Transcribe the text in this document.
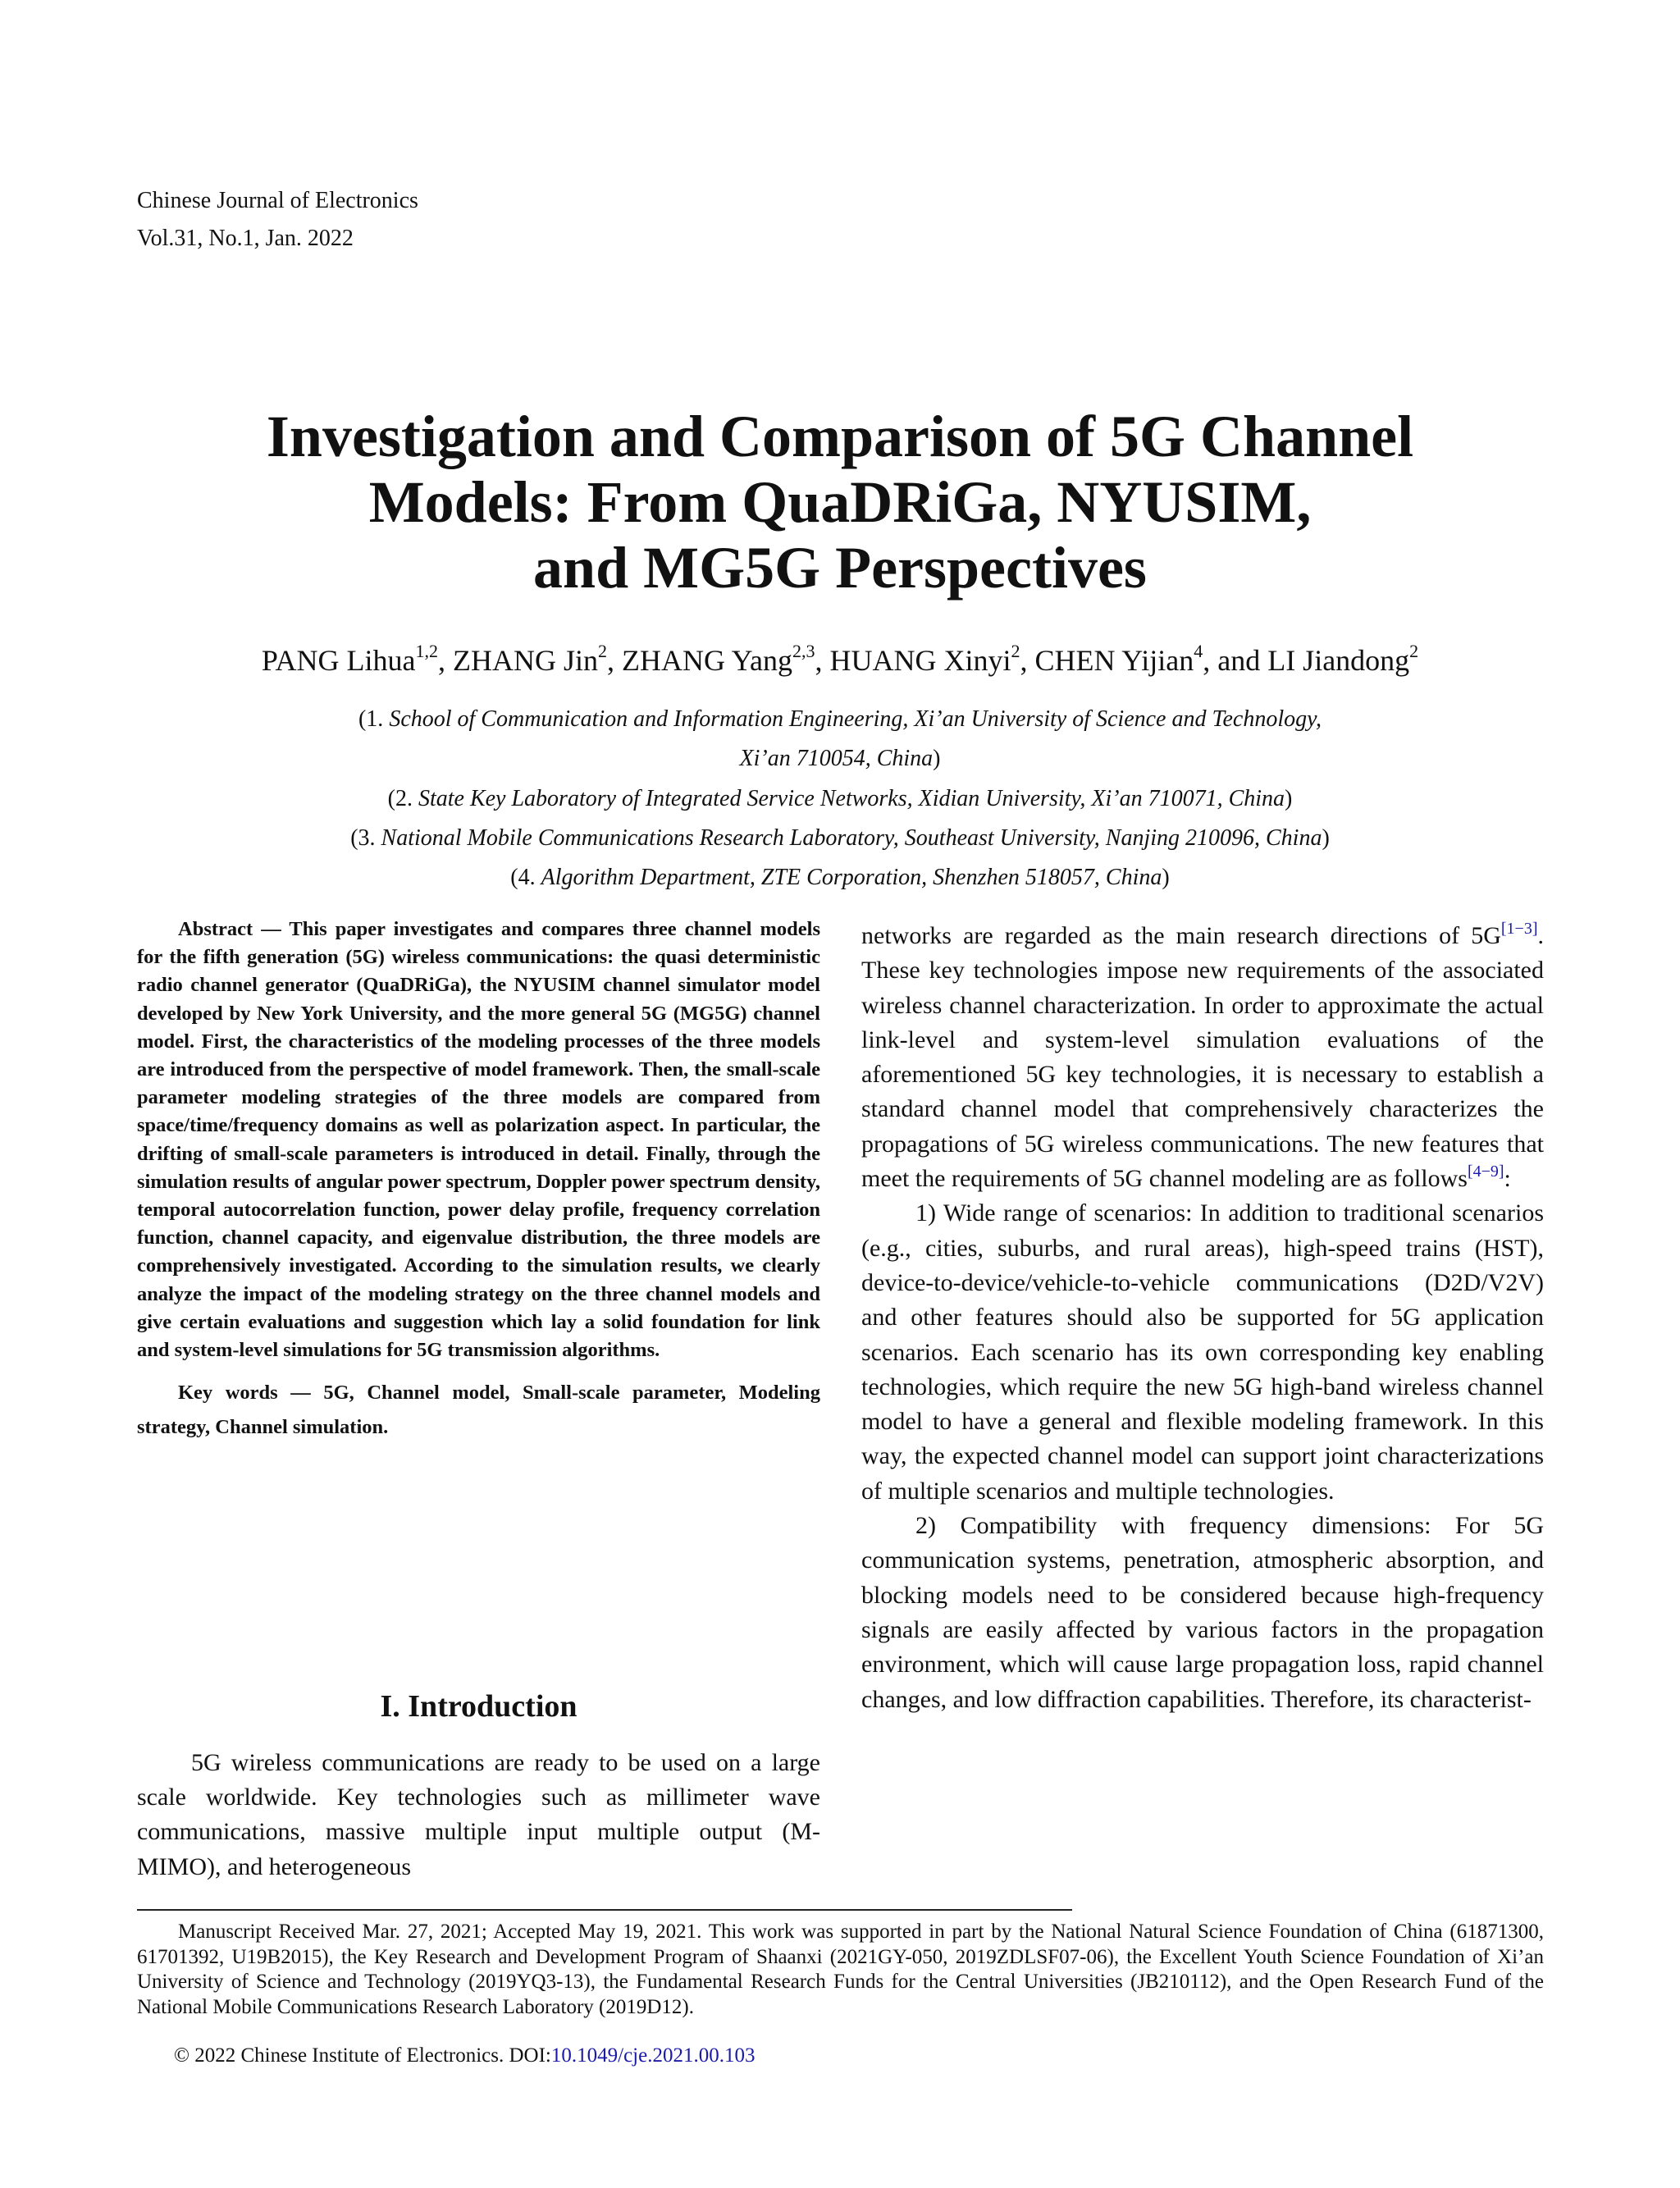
Chinese Journal of Electronics
Vol.31, No.1, Jan. 2022
Investigation and Comparison of 5G Channel
Models: From QuaDRiGa, NYUSIM,
and MG5G Perspectives
PANG Lihua$^{1,2}$, ZHANG Jin$^2$, ZHANG Yang$^{2,3}$, HUANG Xinyi$^2$, CHEN Yijian$^4$, and LI Jiandong$^2$
(1. School of Communication and Information Engineering, Xi’an University of Science and Technology,
Xi’an 710054, China)
(2. State Key Laboratory of Integrated Service Networks, Xidian University, Xi’an 710071, China)
(3. National Mobile Communications Research Laboratory, Southeast University, Nanjing 210096, China)
(4. Algorithm Department, ZTE Corporation, Shenzhen 518057, China)

Abstract — This paper investigates and compares three channel models for the fifth generation (5G) wireless communications: the quasi deterministic radio channel generator (QuaDRiGa), the NYUSIM channel simulator model developed by New York University, and the more general 5G (MG5G) channel model. First, the characteristics of the modeling processes of the three models are introduced from the perspective of model framework. Then, the small-scale parameter modeling strategies of the three models are compared from space/time/frequency domains as well as polarization aspect. In particular, the drifting of small-scale parameters is introduced in detail. Finally, through the simulation results of angular power spectrum, Doppler power spectrum density, temporal autocorrelation function, power delay profile, frequency correlation function, channel capacity, and eigenvalue distribution, the three models are comprehensively investigated. According to the simulation results, we clearly analyze the impact of the modeling strategy on the three channel models and give certain evaluations and suggestion which lay a solid foundation for link and system-level simulations for 5G transmission algorithms.

Key words — 5G, Channel model, Small-scale parameter, Modeling strategy, Channel simulation.

I. Introduction

5G wireless communications are ready to be used on a large scale worldwide. Key technologies such as millimeter wave communications, massive multiple input multiple output (M-MIMO), and heterogeneous

networks are regarded as the main research directions of 5G[1−3]. These key technologies impose new requirements of the associated wireless channel characterization. In order to approximate the actual link-level and system-level simulation evaluations of the aforementioned 5G key technologies, it is necessary to establish a standard channel model that comprehensively characterizes the propagations of 5G wireless communications. The new features that meet the requirements of 5G channel modeling are as follows[4−9]:

1) Wide range of scenarios: In addition to traditional scenarios (e.g., cities, suburbs, and rural areas), high-speed trains (HST), device-to-device/vehicle-to-vehicle communications (D2D/V2V) and other features should also be supported for 5G application scenarios. Each scenario has its own corresponding key enabling technologies, which require the new 5G high-band wireless channel model to have a general and flexible modeling framework. In this way, the expected channel model can support joint characterizations of multiple scenarios and multiple technologies.

2) Compatibility with frequency dimensions: For 5G communication systems, penetration, atmospheric absorption, and blocking models need to be considered because high-frequency signals are easily affected by various factors in the propagation environment, which will cause large propagation loss, rapid channel changes, and low diffraction capabilities. Therefore, its characterist-

Manuscript Received Mar. 27, 2021; Accepted May 19, 2021. This work was supported in part by the National Natural Science Foundation of China (61871300, 61701392, U19B2015), the Key Research and Development Program of Shaanxi (2021GY-050, 2019ZDLSF07-06), the Excellent Youth Science Foundation of Xi’an University of Science and Technology (2019YQ3-13), the Fundamental Research Funds for the Central Universities (JB210112), and the Open Research Fund of the National Mobile Communications Research Laboratory (2019D12).

© 2022 Chinese Institute of Electronics. DOI:10.1049/cje.2021.00.103
